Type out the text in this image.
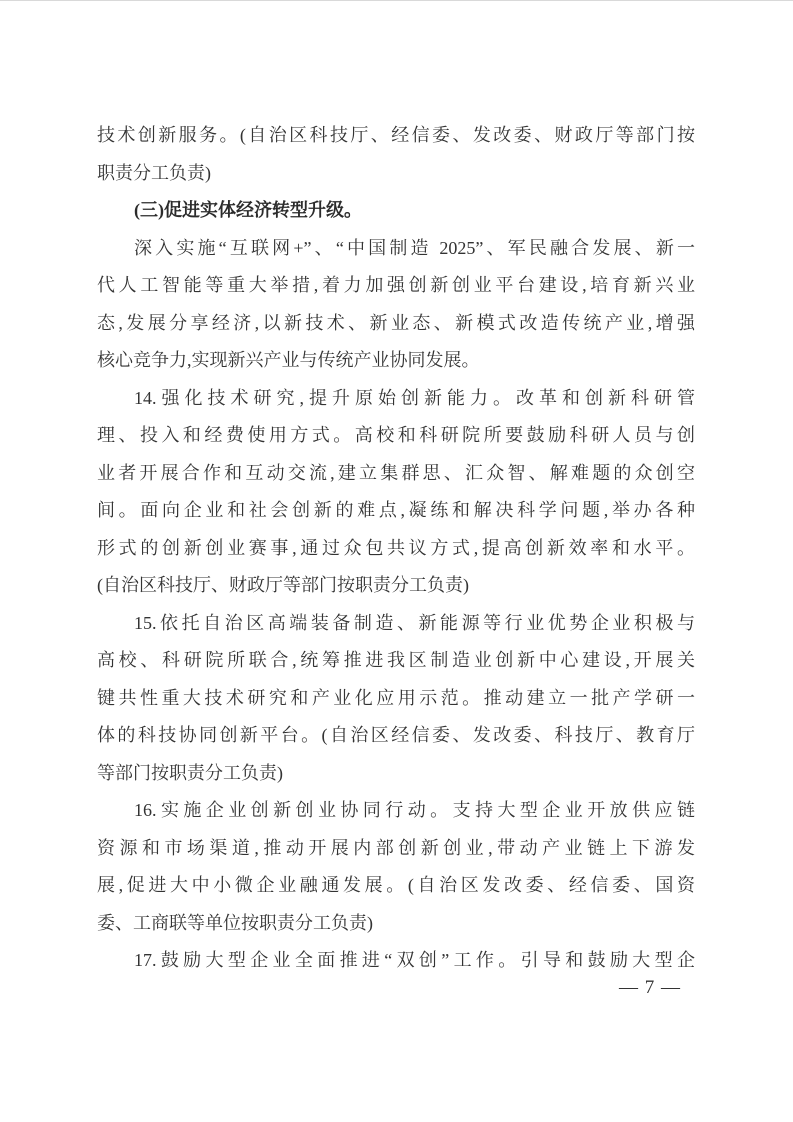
技术创新服务。(自治区科技厅、经信委、发改委、财政厅等部门按
职责分工负责)
(三)促进实体经济转型升级。
深入实施“互联网+”、“中国制造 2025”、军民融合发展、新一
代人工智能等重大举措,着力加强创新创业平台建设,培育新兴业
态,发展分享经济,以新技术、新业态、新模式改造传统产业,增强
核心竞争力,实现新兴产业与传统产业协同发展。
14.强化技术研究,提升原始创新能力。改革和创新科研管
理、投入和经费使用方式。高校和科研院所要鼓励科研人员与创
业者开展合作和互动交流,建立集群思、汇众智、解难题的众创空
间。面向企业和社会创新的难点,凝练和解决科学问题,举办各种
形式的创新创业赛事,通过众包共议方式,提高创新效率和水平。
(自治区科技厅、财政厅等部门按职责分工负责)
15.依托自治区高端装备制造、新能源等行业优势企业积极与
高校、科研院所联合,统筹推进我区制造业创新中心建设,开展关
键共性重大技术研究和产业化应用示范。推动建立一批产学研一
体的科技协同创新平台。(自治区经信委、发改委、科技厅、教育厅
等部门按职责分工负责)
16.实施企业创新创业协同行动。支持大型企业开放供应链
资源和市场渠道,推动开展内部创新创业,带动产业链上下游发
展,促进大中小微企业融通发展。(自治区发改委、经信委、国资
委、工商联等单位按职责分工负责)
17.鼓励大型企业全面推进“双创”工作。引导和鼓励大型企
— 7 —
